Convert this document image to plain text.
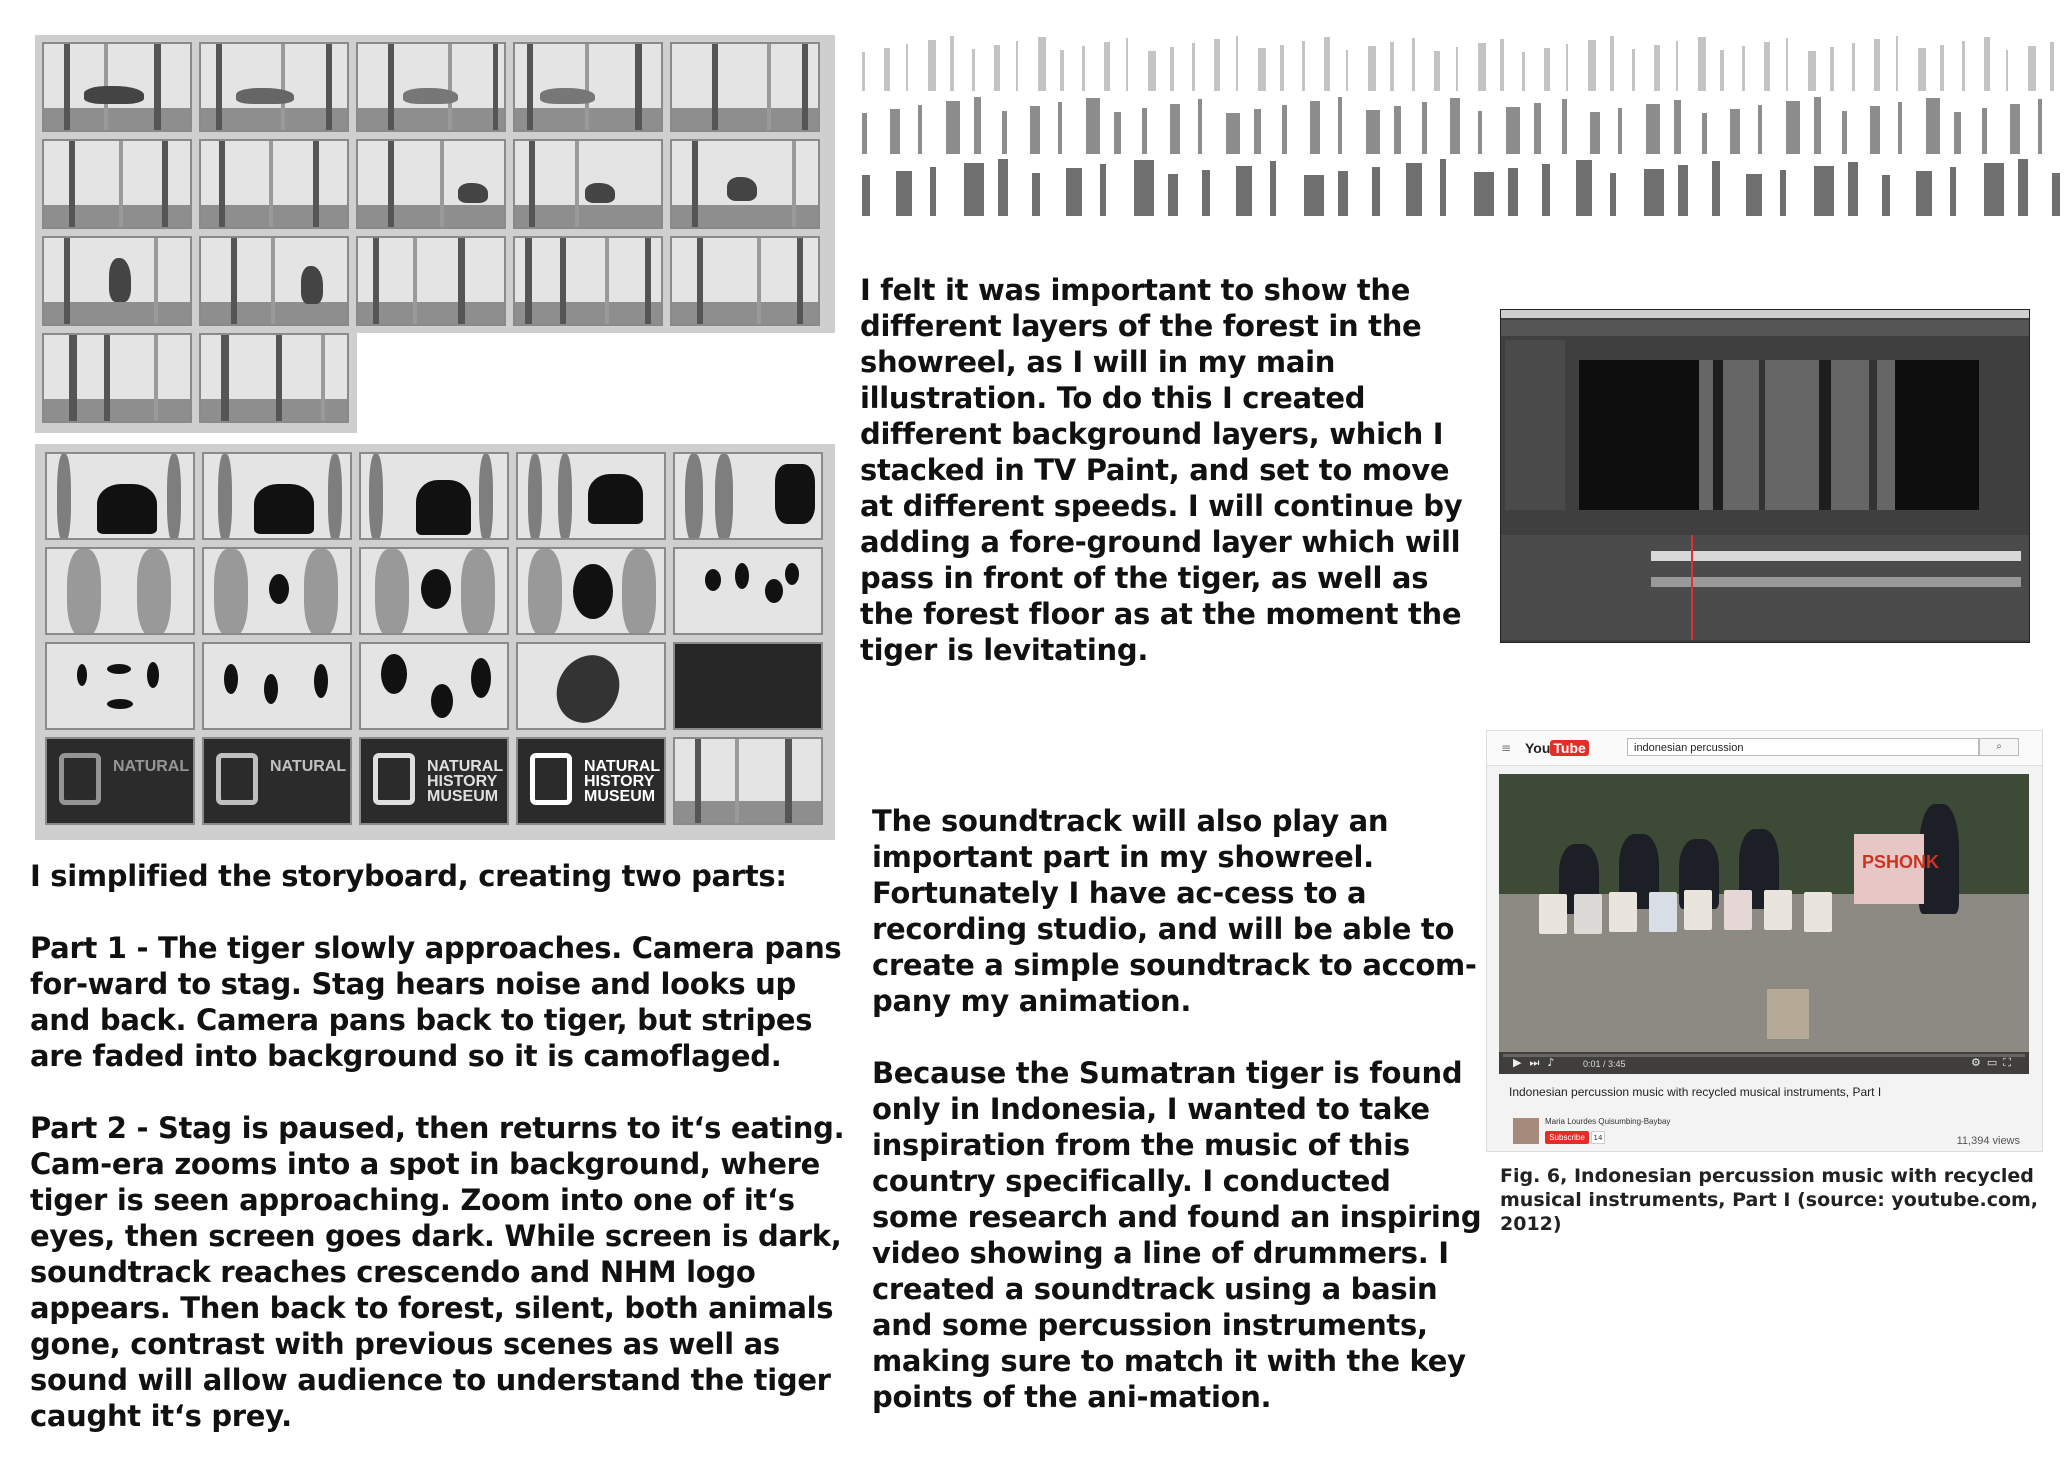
NATURAL	NATURAL	NATURAL
HISTORY
MUSEUM
NATURAL
HISTORY
MUSEUM
I felt it was important to show the different layers of the forest in the showreel, as I will in my main illustration. To do this I created different background layers, which I stacked in TV Paint, and set to move at different speeds. I will continue by adding a fore-ground layer which will pass in front of the tiger, as well as the forest floor as at the moment the tiger is levitating.

I simplified the storyboard, creating two parts:

Part 1 - The tiger slowly approaches. Camera pans for-ward to stag. Stag hears noise and looks up and back. Camera pans back to tiger, but stripes are faded into background so it is camoflaged.

Part 2 - Stag is paused, then returns to it‘s eating. Cam-era zooms into a spot in background, where tiger is seen approaching. Zoom into one of it‘s eyes, then screen goes dark. While screen is dark, soundtrack reaches crescendo and NHM logo appears. Then back to forest, silent, both animals gone, contrast with previous scenes as well as sound will allow audience to understand the tiger caught it‘s prey.

The soundtrack will also play an important part in my showreel. Fortunately I have ac-cess to a recording studio, and will be able to create a simple soundtrack to accom-pany my animation.

Because the Sumatran tiger is found only in Indonesia, I wanted to take inspiration from the music of this country specifically. I conducted some research and found an inspiring video showing a line of drummers. I created a soundtrack using a basin and some percussion instruments, making sure to match it with the key points of the ani-mation.

≡ You Tube	indonesian percussion	⌕
PSHONK
▶⏭♪ 0:01 / 3:45	⚙▭⛶
Indonesian percussion music with recycled musical instruments, Part I
Maria Lourdes Quisumbing-Baybay
Subscribe	14	11,394 views
Fig. 6, Indonesian percussion music with recycled musical instruments, Part I (source: youtube.com, 2012)
